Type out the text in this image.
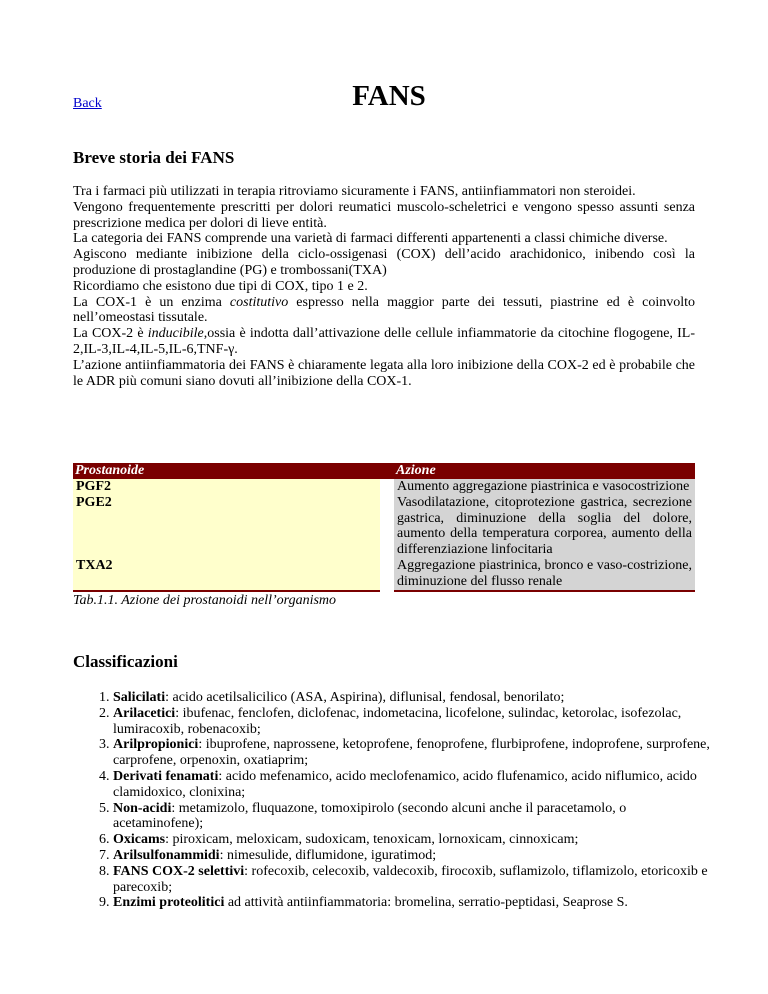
Back	FANS
Breve storia dei FANS

Tra i farmaci più utilizzati in terapia ritroviamo sicuramente i FANS, antiinfiammatori non steroidei.

Vengono frequentemente prescritti per dolori reumatici muscolo-scheletrici e vengono spesso assunti senza prescrizione medica per dolori di lieve entità.

La categoria dei FANS comprende una varietà di farmaci differenti appartenenti a classi chimiche diverse.

Agiscono mediante inibizione della ciclo-ossigenasi (COX) dell’acido arachidonico, inibendo così la produzione di prostaglandine (PG) e trombossani(TXA)

Ricordiamo che esistono due tipi di COX, tipo 1 e 2.

La COX-1 è un enzima costitutivo espresso nella maggior parte dei tessuti, piastrine ed è coinvolto nell’omeostasi tissutale.

La COX-2 è inducibile,ossia è indotta dall’attivazione delle cellule infiammatorie da citochine flogogene, IL-2,IL-3,IL-4,IL-5,IL-6,TNF-γ.

L’azione antiinfiammatoria dei FANS è chiaramente legata alla loro inibizione della COX-2 ed è probabile che le ADR più comuni siano dovuti all’inibizione della COX-1.

Prostanoide	Azione
PGF2	Aumento aggregazione piastrinica e vasocostrizione
PGE2	Vasodilatazione, citoprotezione gastrica, secrezione gastrica, diminuzione della soglia del dolore, aumento della temperatura corporea, aumento della differenziazione linfocitaria
TXA2	Aggregazione piastrinica, bronco e vaso-costrizione, diminuzione del flusso renale
Tab.1.1. Azione dei prostanoidi nell’organismo
Classificazioni
1. Salicilati: acido acetilsalicilico (ASA, Aspirina), diflunisal, fendosal, benorilato;
2. Arilacetici: ibufenac, fenclofen, diclofenac, indometacina, licofelone, sulindac, ketorolac, isofezolac, lumiracoxib, robenacoxib;
3. Arilpropionici: ibuprofene, naprossene, ketoprofene, fenoprofene, flurbiprofene, indoprofene, surprofene, carprofene, orpenoxin, oxatiaprim;
4. Derivati fenamati: acido mefenamico, acido meclofenamico, acido flufenamico, acido niflumico, acido clamidoxico, clonixina;
5. Non-acidi: metamizolo, fluquazone, tomoxipirolo (secondo alcuni anche il paracetamolo, o acetaminofene);
6. Oxicams: piroxicam, meloxicam, sudoxicam, tenoxicam, lornoxicam, cinnoxicam;
7. Arilsulfonammidi: nimesulide, diflumidone, iguratimod;
8. FANS COX-2 selettivi: rofecoxib, celecoxib, valdecoxib, firocoxib, suflamizolo, tiflamizolo, etoricoxib e parecoxib;
9. Enzimi proteolitici ad attività antiinfiammatoria: bromelina, serratio-peptidasi, Seaprose S.
